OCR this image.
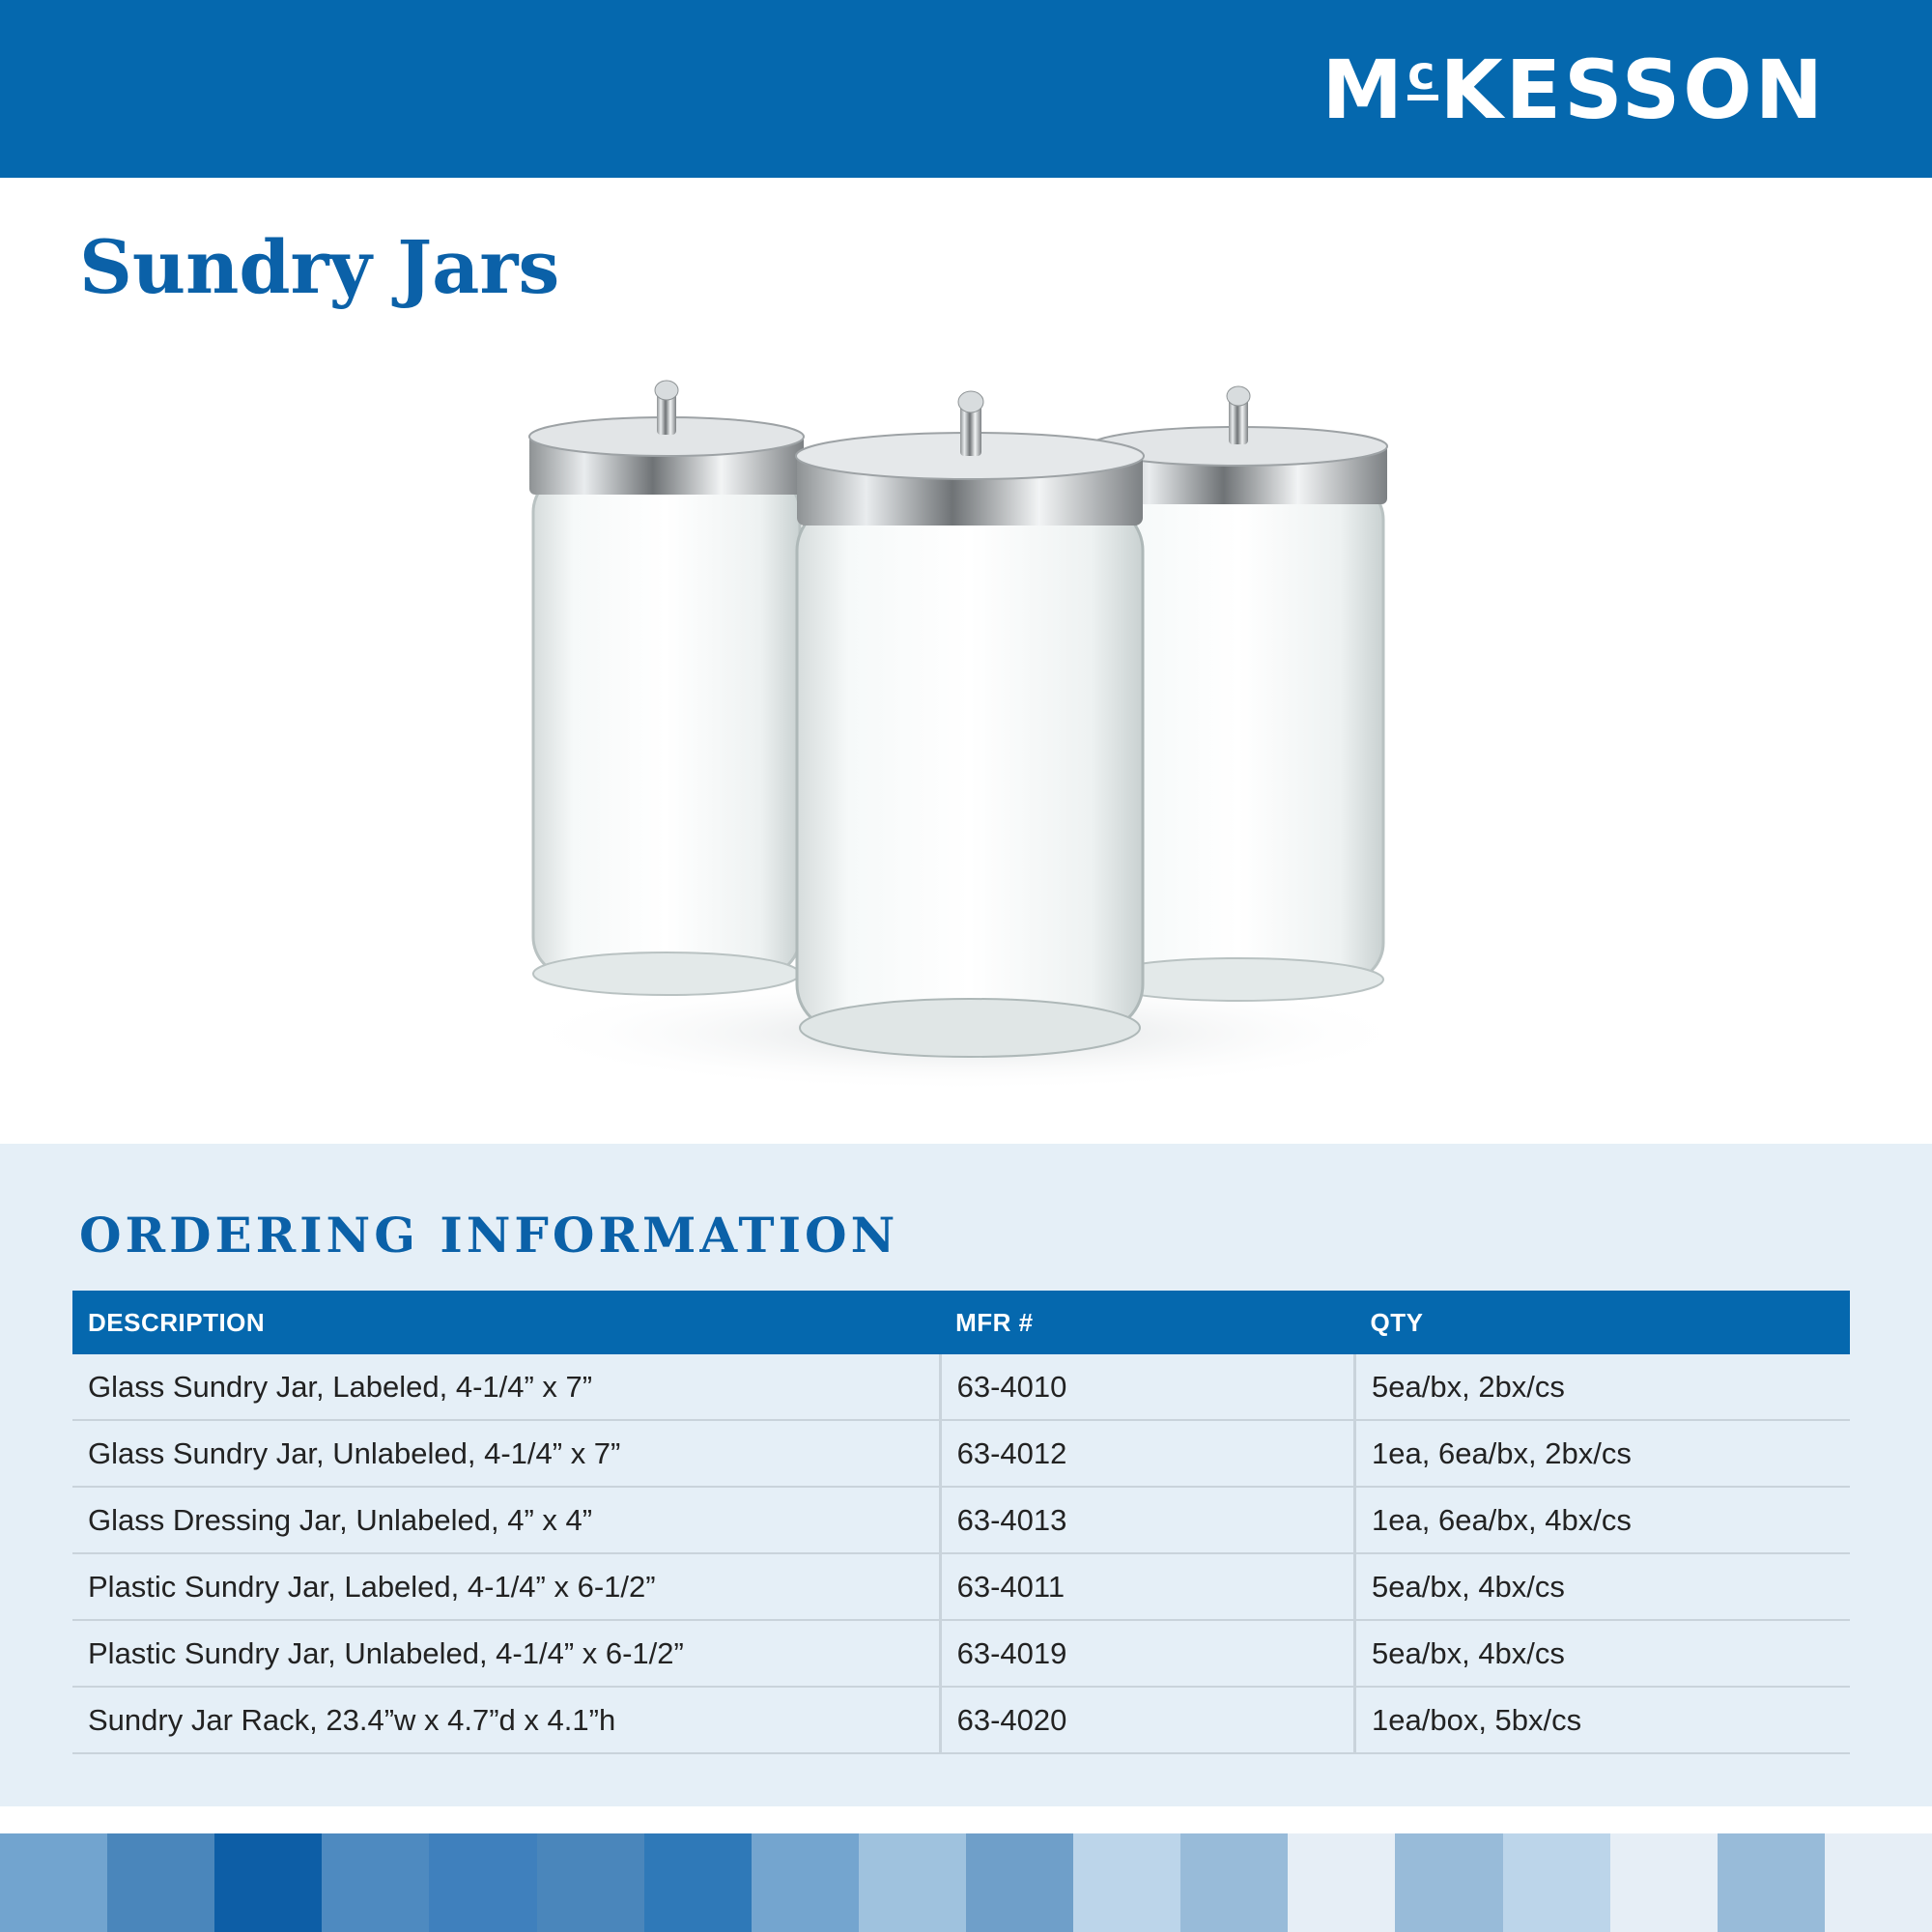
McKESSON
Sundry Jars
ORDERING INFORMATION
DESCRIPTION	MFR #	QTY
Glass Sundry Jar, Labeled, 4-1/4” x 7”	63-4010	5ea/bx, 2bx/cs
Glass Sundry Jar, Unlabeled, 4-1/4” x 7”	63-4012	1ea, 6ea/bx, 2bx/cs
Glass Dressing Jar, Unlabeled, 4” x 4”	63-4013	1ea, 6ea/bx, 4bx/cs
Plastic Sundry Jar, Labeled, 4-1/4” x 6-1/2”	63-4011	5ea/bx, 4bx/cs
Plastic Sundry Jar, Unlabeled, 4-1/4” x 6-1/2”	63-4019	5ea/bx, 4bx/cs
Sundry Jar Rack, 23.4”w x 4.7”d x 4.1”h	63-4020	1ea/box, 5bx/cs
